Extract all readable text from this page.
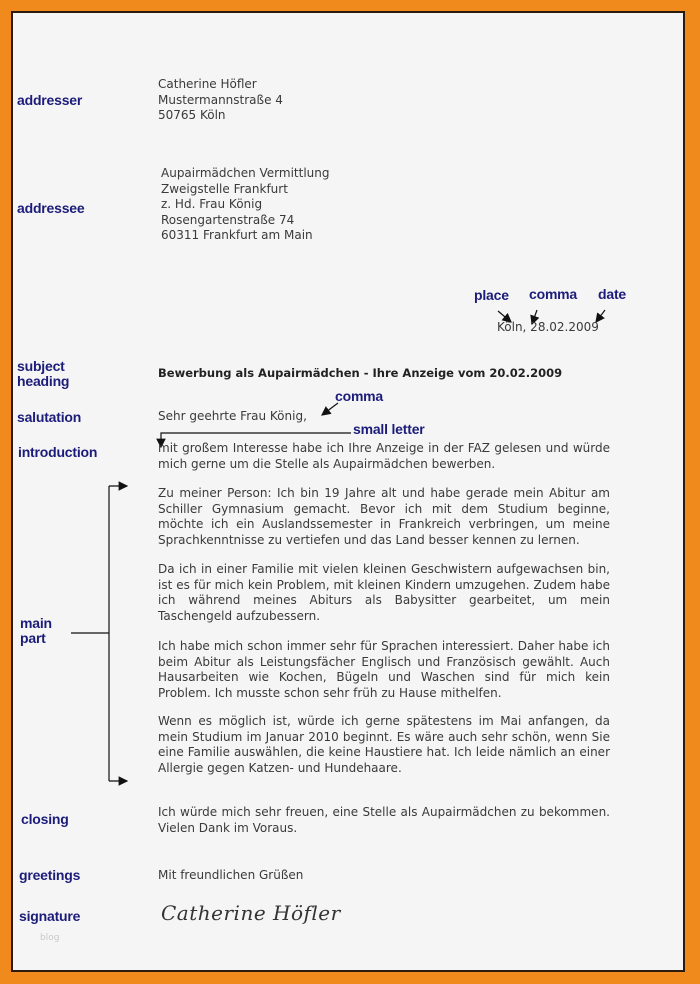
addresser
Catherine Höfler
Mustermannstraße 4
50765 Köln
addressee
Aupairmädchen Vermittlung
Zweigstelle Frankfurt
z. Hd. Frau König
Rosengartenstraße 74
60311 Frankfurt am Main
place comma date
Köln, 28.02.2009
subject
heading	Bewerbung als Aupairmädchen - Ihre Anzeige vom 20.02.2009
comma
salutation	Sehr geehrte Frau König,
small letter
introduction	mit großem Interesse habe ich Ihre Anzeige in der FAZ gelesen und würde mich gerne um die Stelle als Aupairmädchen bewerben.
Zu meiner Person: Ich bin 19 Jahre alt und habe gerade mein Abitur am Schiller Gymnasium gemacht. Bevor ich mit dem Studium beginne, möchte ich ein Auslandssemester in Frankreich verbringen, um meine Sprachkenntnisse zu vertiefen und das Land besser kennen zu lernen.
Da ich in einer Familie mit vielen kleinen Geschwistern aufgewachsen bin, ist es für mich kein Problem, mit kleinen Kindern umzugehen. Zudem habe ich während meines Abiturs als Babysitter gearbeitet, um mein Taschengeld aufzubessern.
Ich habe mich schon immer sehr für Sprachen interessiert. Daher habe ich beim Abitur als Leistungsfächer Englisch und Französisch gewählt. Auch Hausarbeiten wie Kochen, Bügeln und Waschen sind für mich kein Problem. Ich musste schon sehr früh zu Hause mithelfen.
Wenn es möglich ist, würde ich gerne spätestens im Mai anfangen, da mein Studium im Januar 2010 beginnt. Es wäre auch sehr schön, wenn Sie eine Familie auswählen, die keine Haustiere hat. Ich leide nämlich an einer Allergie gegen Katzen- und Hundehaare.
main
part
closing	Ich würde mich sehr freuen, eine Stelle als Aupairmädchen zu bekommen. Vielen Dank im Voraus.
greetings	Mit freundlichen Grüßen
signature	Catherine Höfler
blog
